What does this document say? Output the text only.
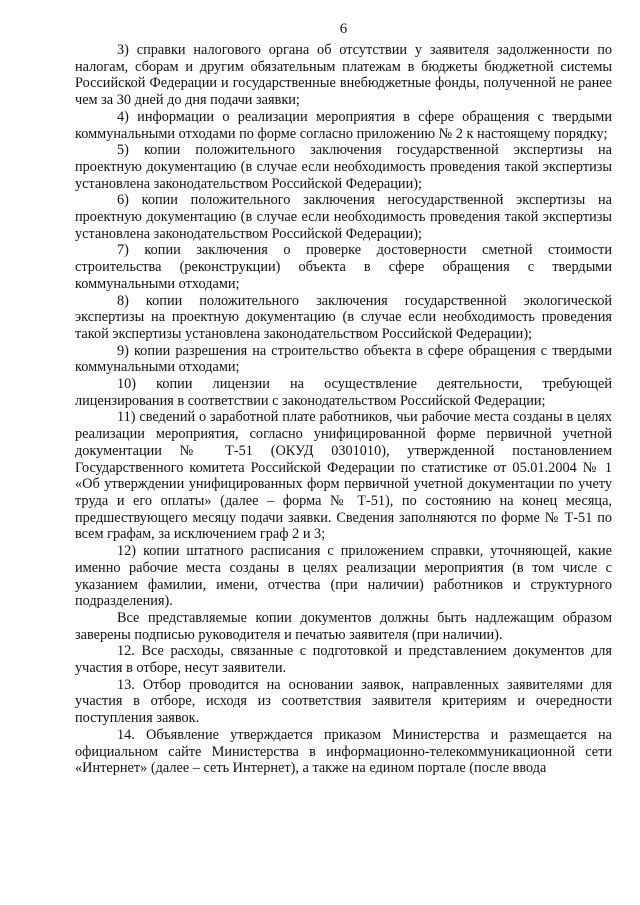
6

3) справки налогового органа об отсутствии у заявителя задолженности по налогам, сборам и другим обязательным платежам в бюджеты бюджетной системы Российской Федерации и государственные внебюджетные фонды, полученной не ранее чем за 30 дней до дня подачи заявки;

4) информации о реализации мероприятия в сфере обращения с твердыми коммунальными отходами по форме согласно приложению № 2 к настоящему порядку;

5) копии положительного заключения государственной экспертизы на проектную документацию (в случае если необходимость проведения такой экспертизы установлена законодательством Российской Федерации);

6) копии положительного заключения негосударственной экспертизы на проектную документацию (в случае если необходимость проведения такой экспертизы установлена законодательством Российской Федерации);

7) копии заключения о проверке достоверности сметной стоимости строительства (реконструкции) объекта в сфере обращения с твердыми коммунальными отходами;

8) копии положительного заключения государственной экологической экспертизы на проектную документацию (в случае если необходимость проведения такой экспертизы установлена законодательством Российской Федерации);

9) копии разрешения на строительство объекта в сфере обращения с твердыми коммунальными отходами;

10) копии лицензии на осуществление деятельности, требующей лицензирования в соответствии с законодательством Российской Федерации;

11) сведений о заработной плате работников, чьи рабочие места созданы в целях реализации мероприятия, согласно унифицированной форме первичной учетной документации № Т-51 (ОКУД 0301010), утвержденной постановлением Государственного комитета Российской Федерации по статистике от 05.01.2004 № 1 «Об утверждении унифицированных форм первичной учетной документации по учету труда и его оплаты» (далее – форма № Т-51), по состоянию на конец месяца, предшествующего месяцу подачи заявки. Сведения заполняются по форме № Т-51 по всем графам, за исключением граф 2 и 3;

12) копии штатного расписания с приложением справки, уточняющей, какие именно рабочие места созданы в целях реализации мероприятия (в том числе с указанием фамилии, имени, отчества (при наличии) работников и структурного подразделения).

Все представляемые копии документов должны быть надлежащим образом заверены подписью руководителя и печатью заявителя (при наличии).

12. Все расходы, связанные с подготовкой и представлением документов для участия в отборе, несут заявители.

13. Отбор проводится на основании заявок, направленных заявителями для участия в отборе, исходя из соответствия заявителя критериям и очередности поступления заявок.

14. Объявление утверждается приказом Министерства и размещается на официальном сайте Министерства в информационно-телекоммуникационной сети «Интернет» (далее – сеть Интернет), а также на едином портале (после ввода
